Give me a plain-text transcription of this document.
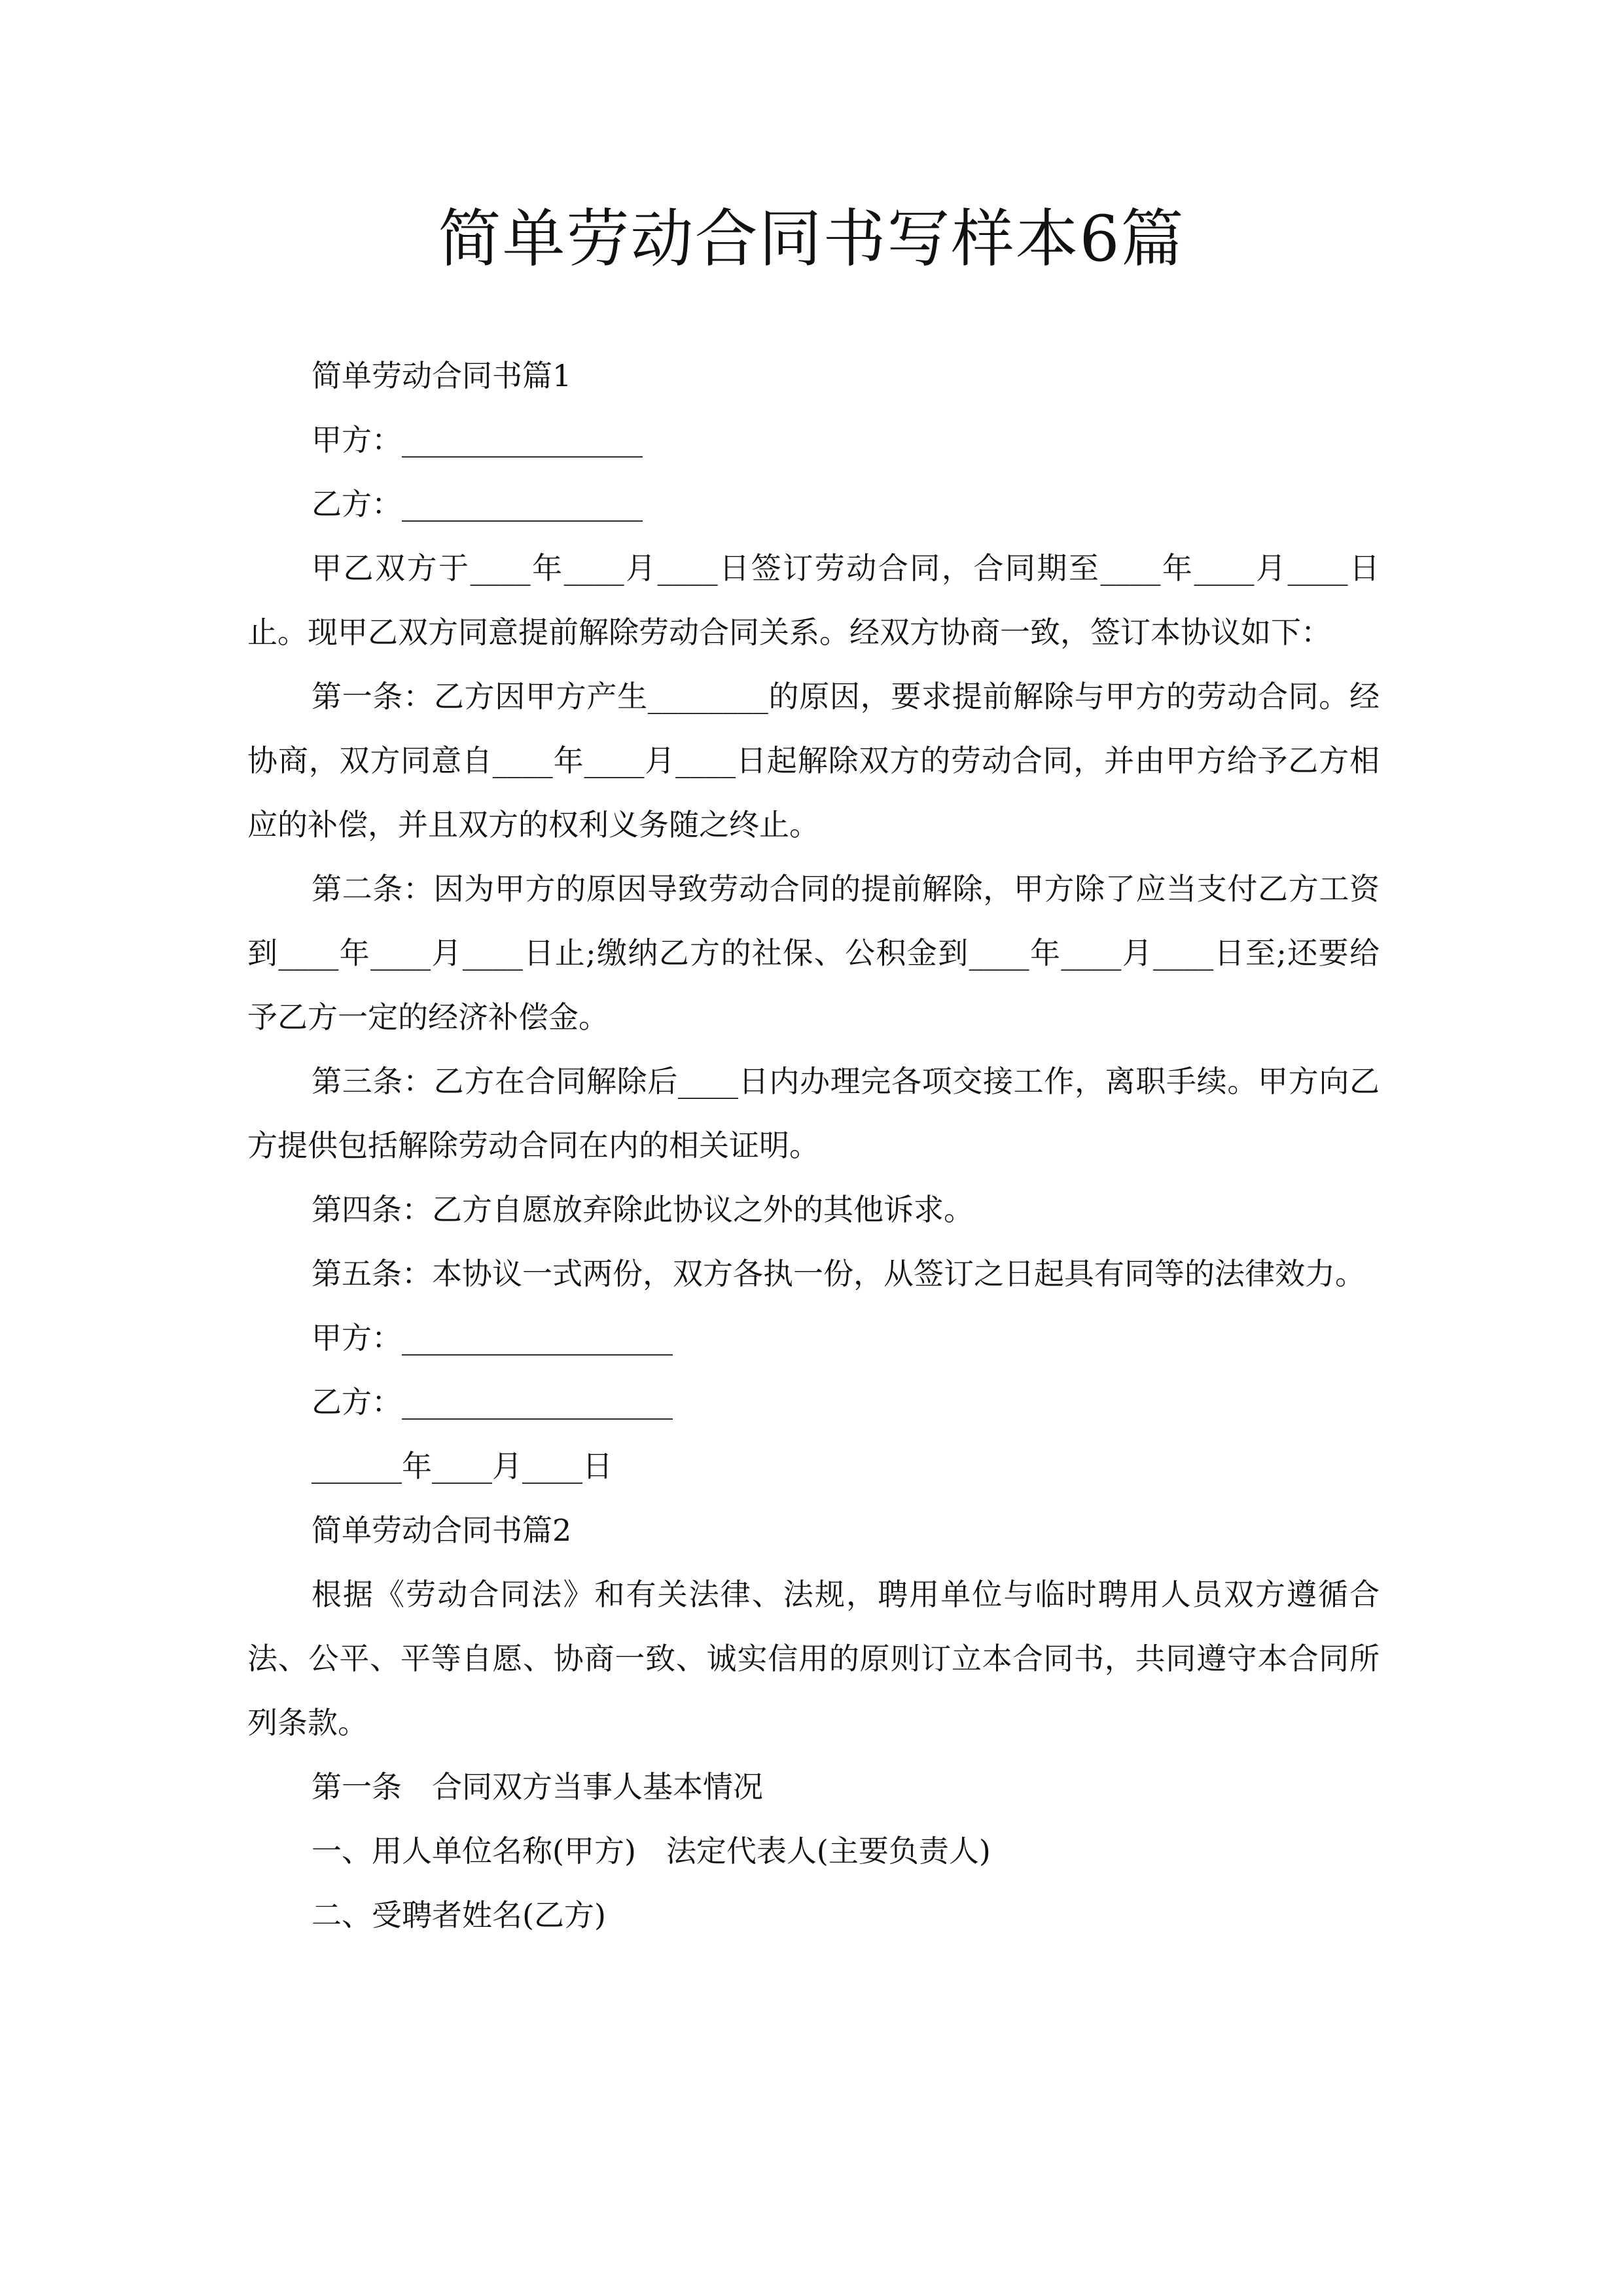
简单劳动合同书写样本6篇

简单劳动合同书篇1

甲方：________________

乙方：________________

甲乙双方于____年____月____日签订劳动合同，合同期至____年____月____日止。现甲乙双方同意提前解除劳动合同关系。经双方协商一致，签订本协议如下：

第一条：乙方因甲方产生________的原因，要求提前解除与甲方的劳动合同。经协商，双方同意自____年____月____日起解除双方的劳动合同，并由甲方给予乙方相应的补偿，并且双方的权利义务随之终止。

第二条：因为甲方的原因导致劳动合同的提前解除，甲方除了应当支付乙方工资到____年____月____日止;缴纳乙方的社保、公积金到____年____月____日至;还要给予乙方一定的经济补偿金。

第三条：乙方在合同解除后____日内办理完各项交接工作，离职手续。甲方向乙方提供包括解除劳动合同在内的相关证明。

第四条：乙方自愿放弃除此协议之外的其他诉求。

第五条：本协议一式两份，双方各执一份，从签订之日起具有同等的法律效力。

甲方：__________________

乙方：__________________

______年____月____日

简单劳动合同书篇2

根据《劳动合同法》和有关法律、法规，聘用单位与临时聘用人员双方遵循合法、公平、平等自愿、协商一致、诚实信用的原则订立本合同书，共同遵守本合同所列条款。

第一条　合同双方当事人基本情况

一、用人单位名称(甲方)　法定代表人(主要负责人)

二、受聘者姓名(乙方)
